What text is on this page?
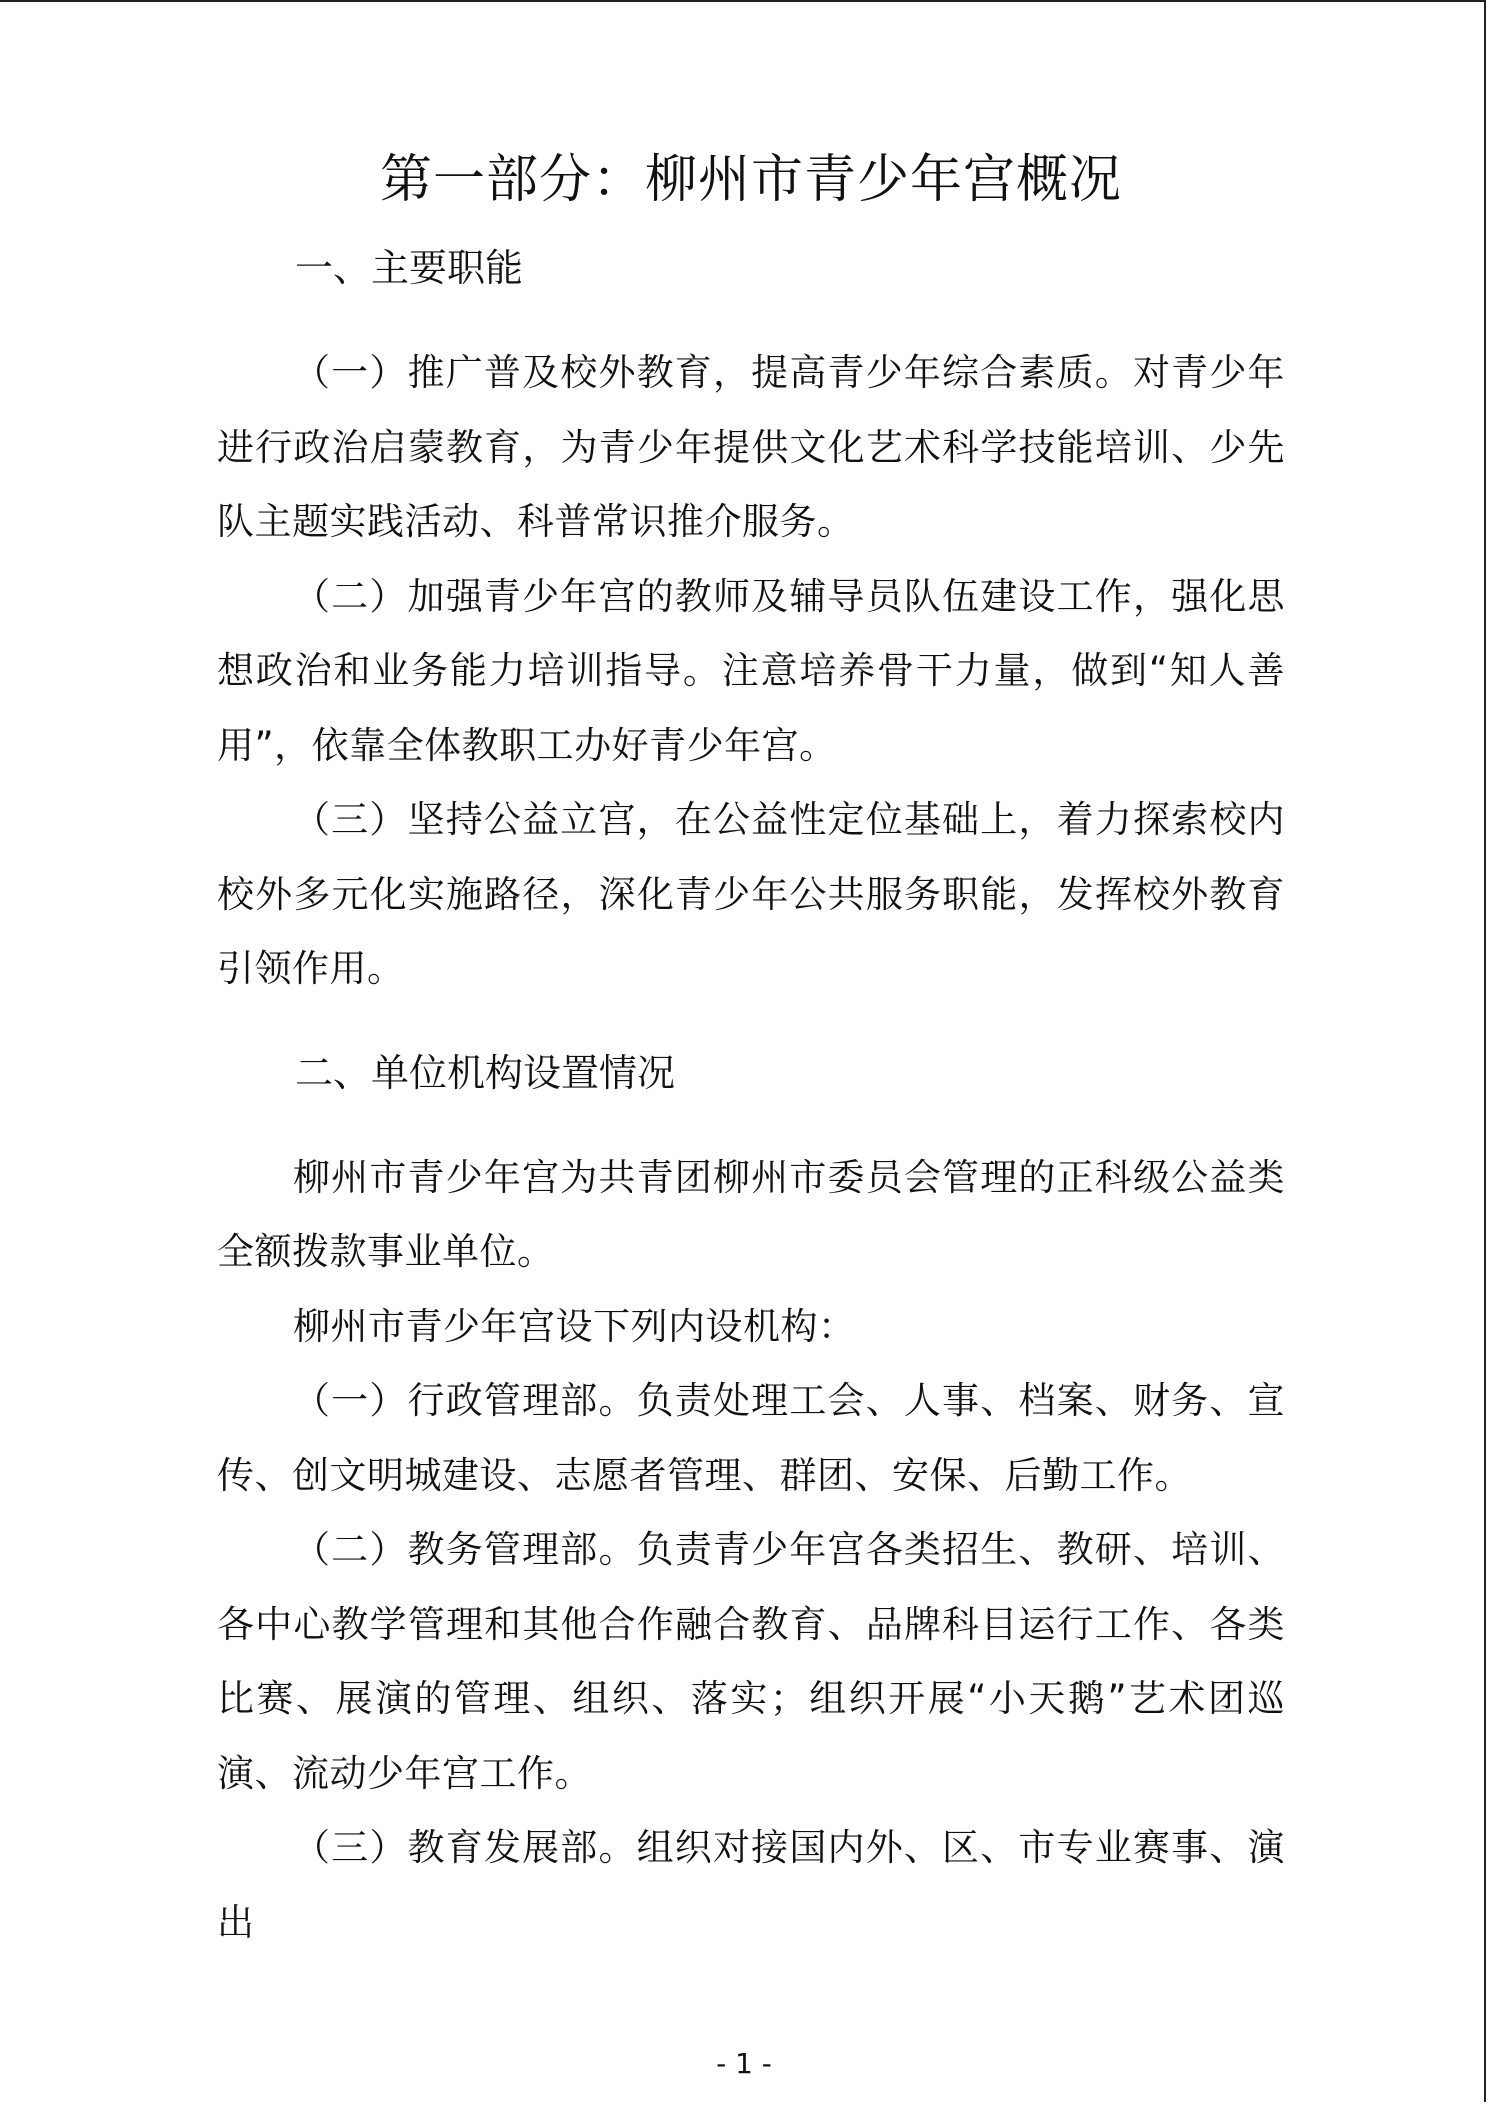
第一部分：柳州市青少年宫概况
一、主要职能

（一）推广普及校外教育，提高青少年综合素质。对青少年进行政治启蒙教育，为青少年提供文化艺术科学技能培训、少先队主题实践活动、科普常识推介服务。

（二）加强青少年宫的教师及辅导员队伍建设工作，强化思想政治和业务能力培训指导。注意培养骨干力量，做到“知人善用”，依靠全体教职工办好青少年宫。

（三）坚持公益立宫，在公益性定位基础上，着力探索校内校外多元化实施路径，深化青少年公共服务职能，发挥校外教育引领作用。

二、单位机构设置情况

柳州市青少年宫为共青团柳州市委员会管理的正科级公益类全额拨款事业单位。

柳州市青少年宫设下列内设机构：

（一）行政管理部。负责处理工会、人事、档案、财务、宣传、创文明城建设、志愿者管理、群团、安保、后勤工作。

（二）教务管理部。负责青少年宫各类招生、教研、培训、各中心教学管理和其他合作融合教育、品牌科目运行工作、各类比赛、展演的管理、组织、落实；组织开展“小天鹅”艺术团巡演、流动少年宫工作。

（三）教育发展部。组织对接国内外、区、市专业赛事、演出

- 1 -
